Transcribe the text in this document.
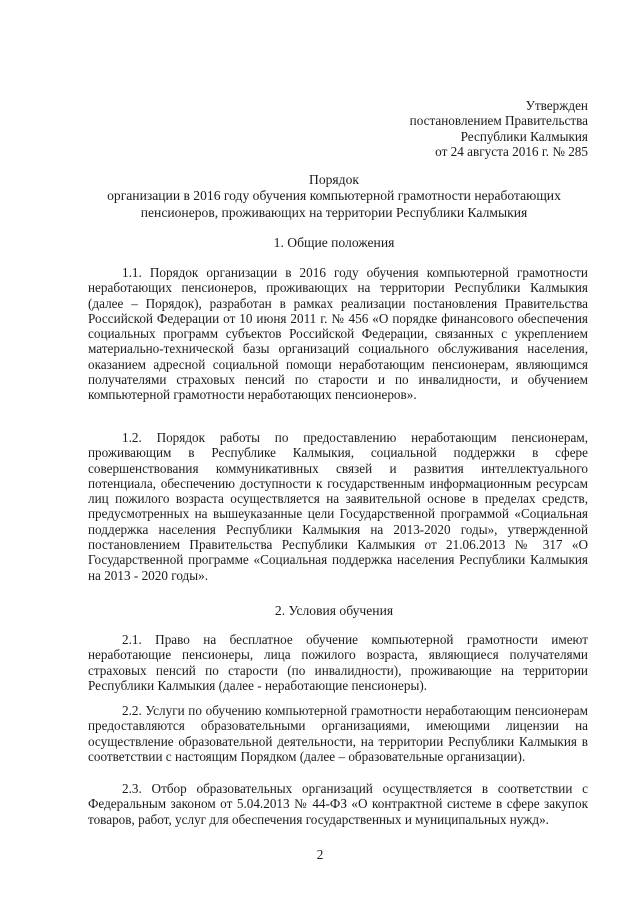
Утвержден
постановлением Правительства
Республики Калмыкия
от 24 августа 2016 г. № 285
Порядок
организации в 2016 году обучения компьютерной грамотности неработающих
пенсионеров, проживающих на территории Республики Калмыкия
1. Общие положения

1.1. Порядок организации в 2016 году обучения компьютерной грамотности неработающих пенсионеров, проживающих на территории Республики Калмыкия (далее – Порядок), разработан в рамках реализации постановления Правительства Российской Федерации от 10 июня 2011 г. № 456 «О порядке финансового обеспечения социальных программ субъектов Российской Федерации, связанных с укреплением материально-технической базы организаций социального обслуживания населения, оказанием адресной социальной помощи неработающим пенсионерам, являющимся получателями страховых пенсий по старости и по инвалидности, и обучением компьютерной грамотности неработающих пенсионеров».

1.2. Порядок работы по предоставлению неработающим пенсионерам, проживающим в Республике Калмыкия, социальной поддержки в сфере совершенствования коммуникативных связей и развития интеллектуального потенциала, обеспечению доступности к государственным информационным ресурсам лиц пожилого возраста осуществляется на заявительной основе в пределах средств, предусмотренных на вышеуказанные цели Государственной программой «Социальная поддержка населения Республики Калмыкия на 2013-2020 годы», утвержденной постановлением Правительства Республики Калмыкия от 21.06.2013 № 317 «О Государственной программе «Социальная поддержка населения Республики Калмыкия на 2013 - 2020 годы».

2. Условия обучения

2.1. Право на бесплатное обучение компьютерной грамотности имеют неработающие пенсионеры, лица пожилого возраста, являющиеся получателями страховых пенсий по старости (по инвалидности), проживающие на территории Республики Калмыкия (далее - неработающие пенсионеры).

2.2. Услуги по обучению компьютерной грамотности неработающим пенсионерам предоставляются образовательными организациями, имеющими лицензии на осуществление образовательной деятельности, на территории Республики Калмыкия в соответствии с настоящим Порядком (далее – образовательные организации).

2.3. Отбор образовательных организаций осуществляется в соответствии с Федеральным законом от 5.04.2013 № 44-ФЗ «О контрактной системе в сфере закупок товаров, работ, услуг для обеспечения государственных и муниципальных нужд».

2
